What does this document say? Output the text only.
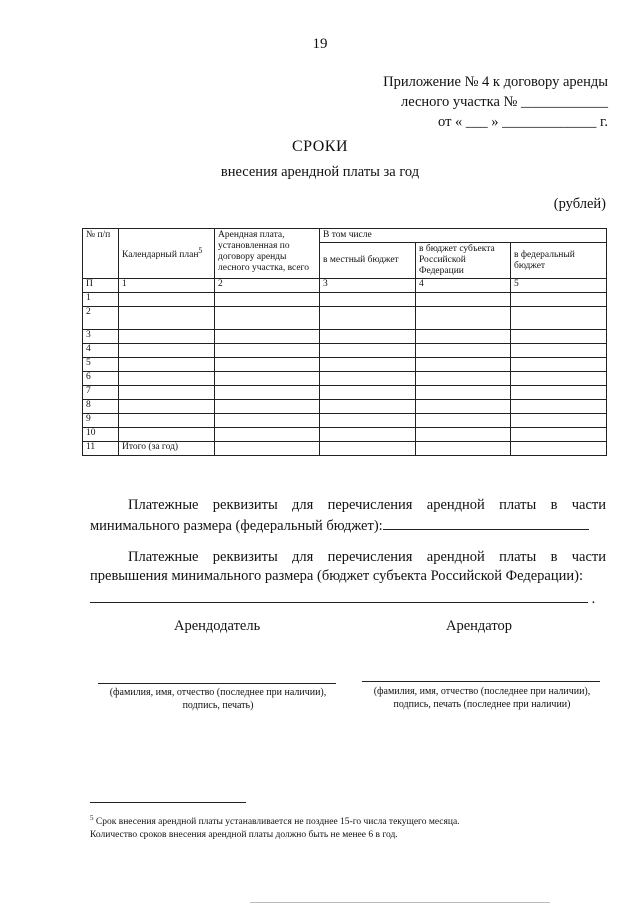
19
Приложение № 4 к договору аренды
лесного участка № ____________
от « ___ » _____________ г.
СРОКИ
внесения арендной платы за год
(рублей)
№ п/п	Календарный план$^5$	Арендная плата, установленная по договору аренды лесного участка, всего	В том числе		
			в местный бюджет	в бюджет субъекта Российской Федерации	в федеральный бюджет
П	1	2	3	4	5
1					
2					
3					
4					
5					
6					
7					
8					
9					
10					
11	Итого (за год)				
Платежные реквизиты для перечисления арендной платы в части минимального размера (федеральный бюджет):
Платежные реквизиты для перечисления арендной платы в части превышения минимального размера (бюджет субъекта Российской Федерации):
.
Арендодатель	Арендатор
(фамилия, имя, отчество (последнее при наличии), подпись, печать)
(фамилия, имя, отчество (последнее при наличии), подпись, печать (последнее при наличии)
$^5$ Срок внесения арендной платы устанавливается не позднее 15-го числа текущего месяца.
Количество сроков внесения арендной платы должно быть не менее 6 в год.
